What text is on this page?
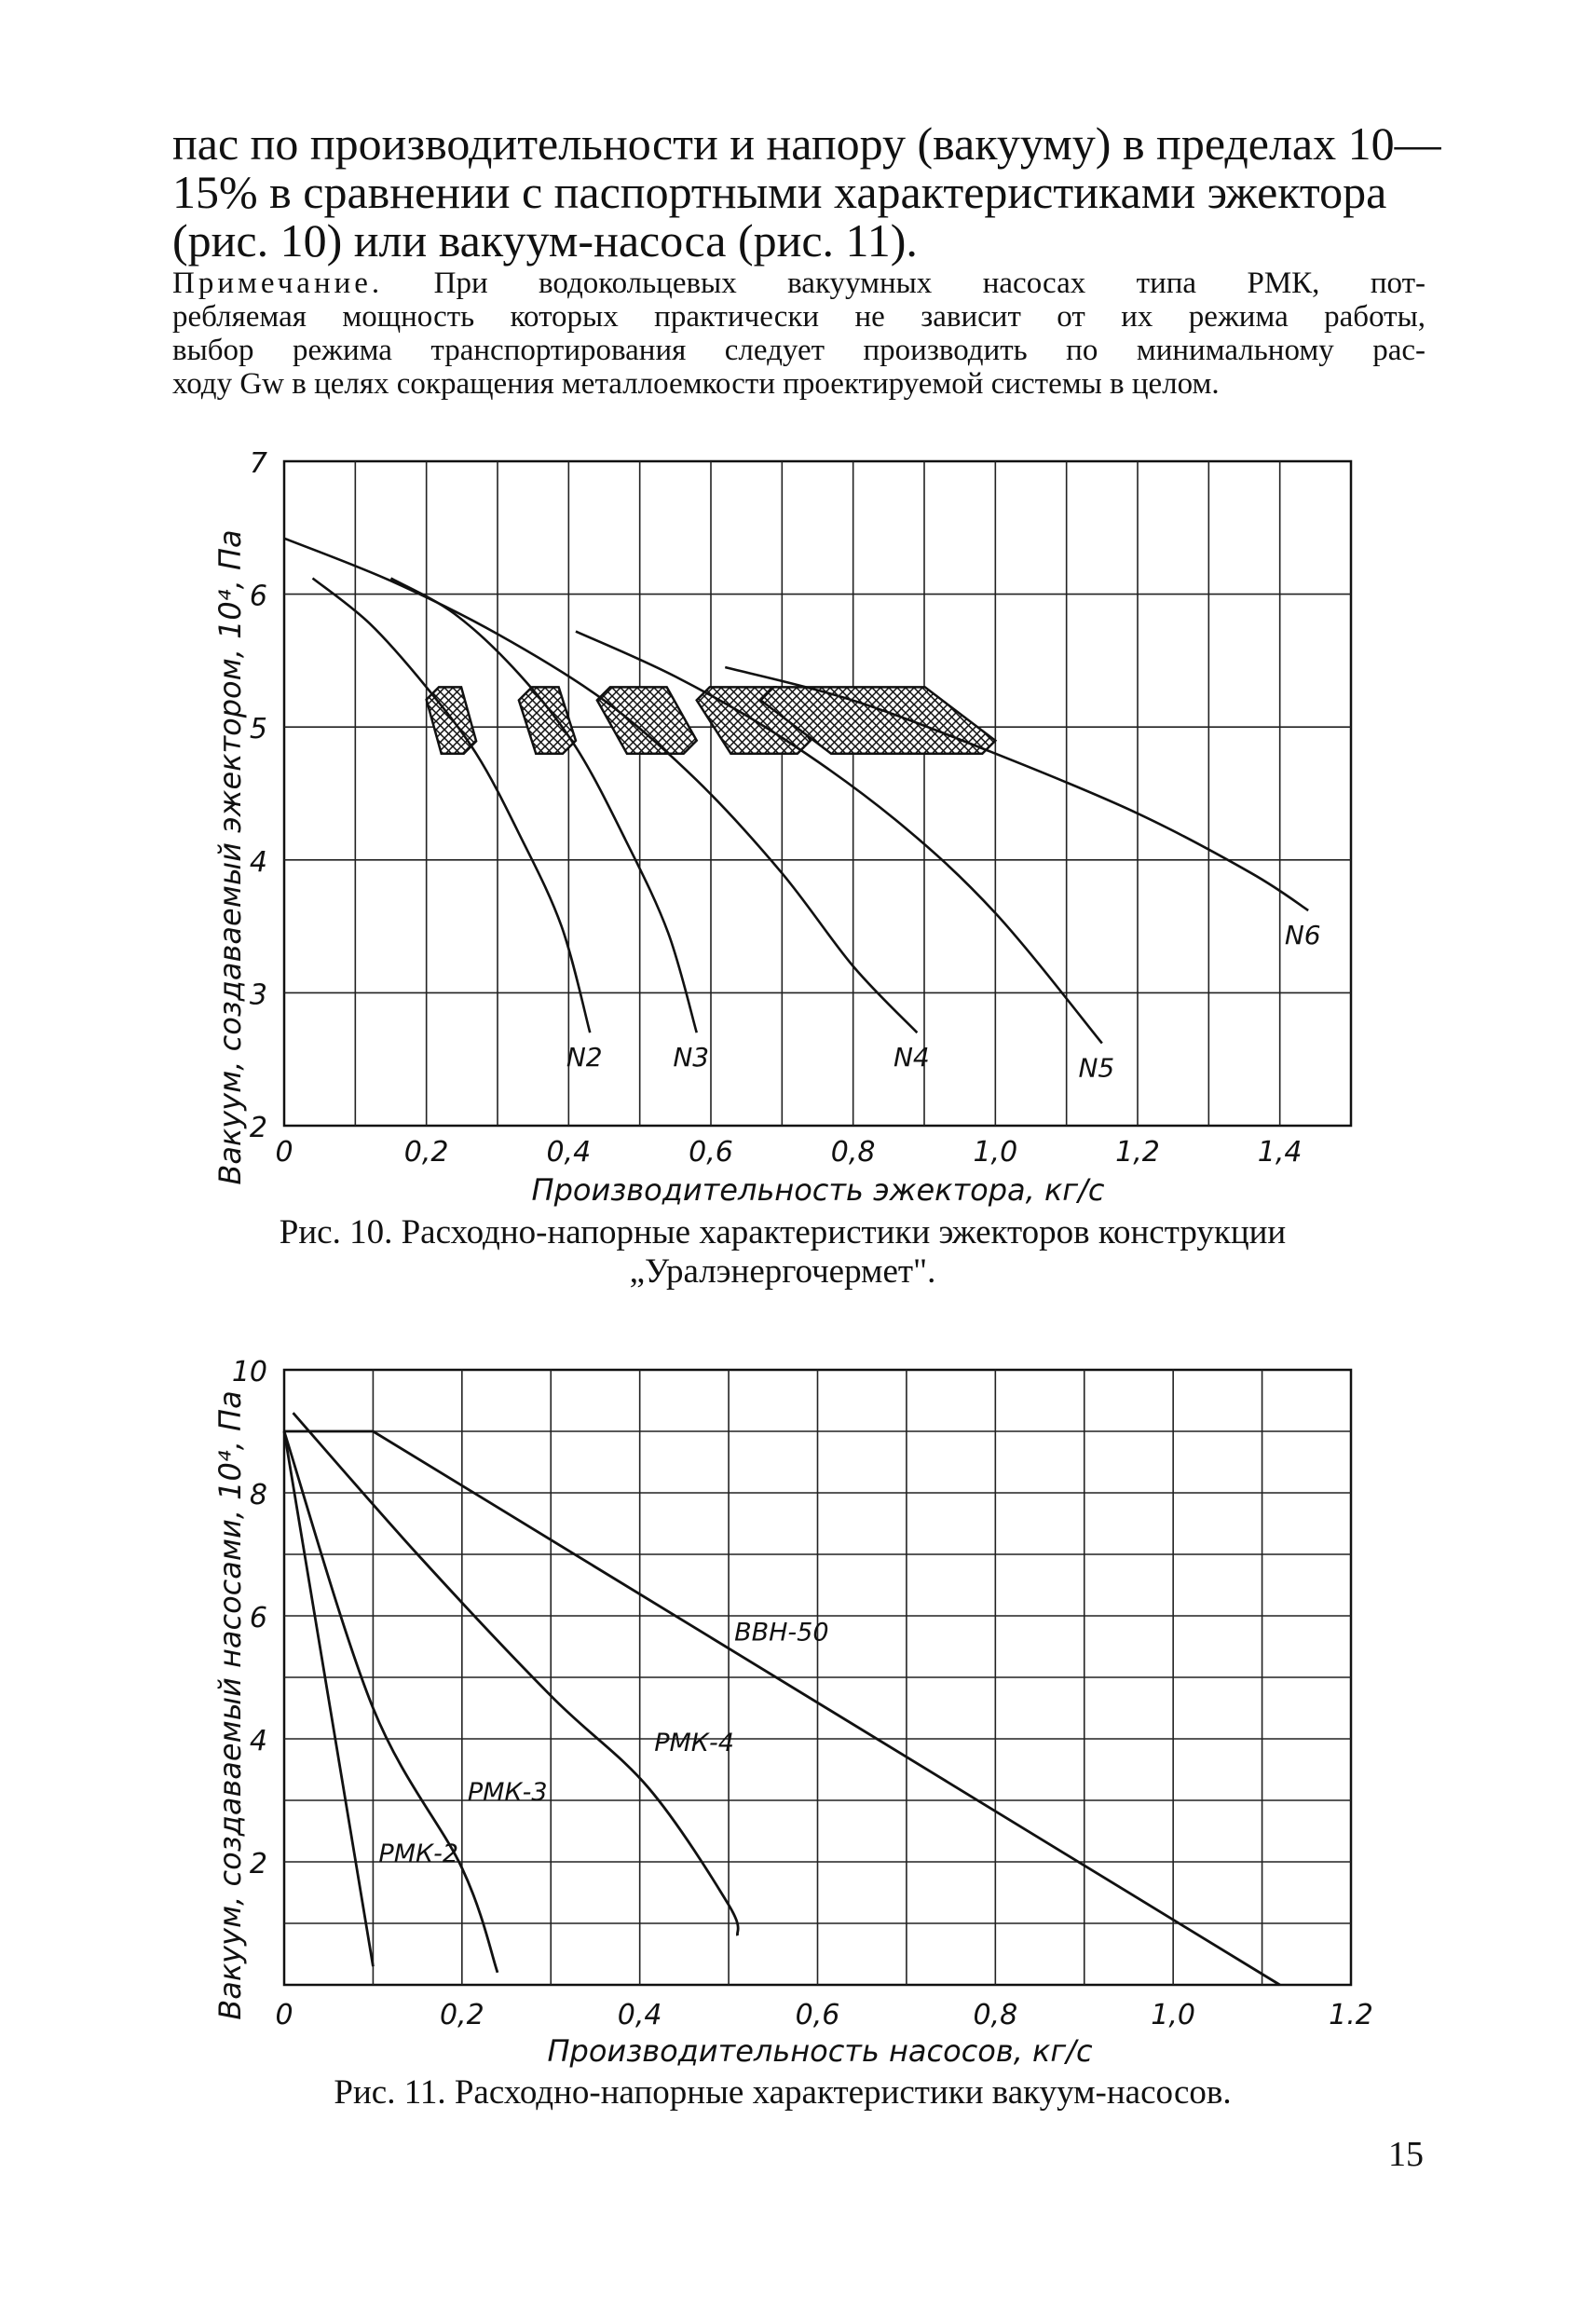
пас по производительности и напору (вакууму) в пределах 10—
15% в сравнении с паспортными характеристиками эжектора
(рис. 10) или вакуум-насоса (рис. 11).
Примечание. При водокольцевых вакуумных насосах типа РМК, пот-
ребляемая мощность которых практически не зависит от их режима работы,
выбор режима транспортирования следует производить по минимальному рас-
ходу Gw в целях сокращения металлоемкости проектируемой системы в целом.
0	0,2	0,4	0,6	0,8	1,0	1,2	1,4
2
3
4
5
6
7
N2	N3	N4	N5
N6
Производительность эжектора, кг/с
Вакуум, создаваемый эжектором, 10⁴, Па
Рис. 10. Расходно-напорные характеристики эжекторов конструкции
„Уралэнергочермет".
0	0,2	0,4	0,6	0,8	1,0	1.2
2
4
6
8
10
РМК-2
РМК-3
РМК-4
ВВН-50
Производительность насосов, кг/с
Вакуум, создаваемый насосами, 10⁴, Па
Рис. 11. Расходно-напорные характеристики вакуум-насосов.
15
